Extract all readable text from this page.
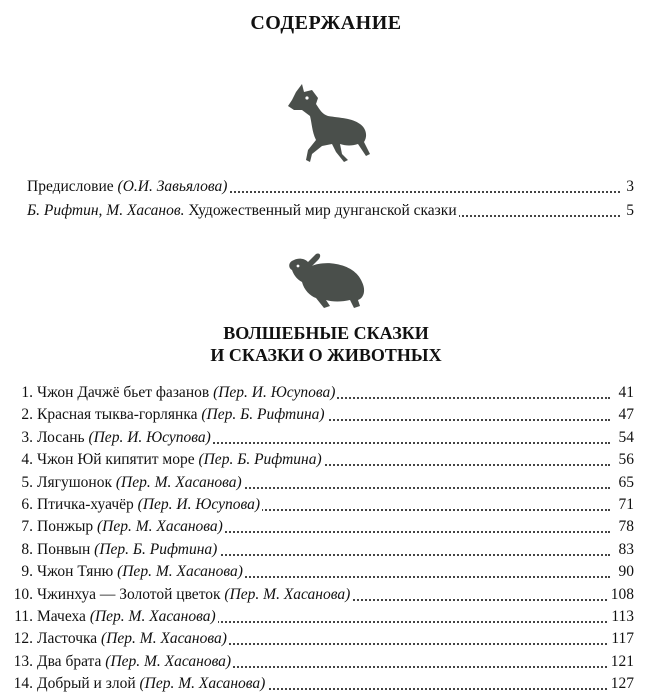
СОДЕРЖАНИЕ
Предисловие (О.И. Завьялова)	3
Б. Рифтин, М. Хасанов. Художественный мир дунганской сказки	5
ВОЛШЕБНЫЕ СКАЗКИ
И СКАЗКИ О ЖИВОТНЫХ
1. Чжон Дачжё бьет фазанов (Пер. И. Юсупова)	41
2. Красная тыква-горлянка (Пер. Б. Рифтина)	47
3. Лосань (Пер. И. Юсупова)	54
4. Чжон Юй кипятит море (Пер. Б. Рифтина)	56
5. Лягушонок (Пер. М. Хасанова)	65
6. Птичка-хуачёр (Пер. И. Юсупова)	71
7. Понжыр (Пер. М. Хасанова)	78
8. Понвын (Пер. Б. Рифтина)	83
9. Чжон Тяню (Пер. М. Хасанова)	90
10. Чжинхуа — Золотой цветок (Пер. М. Хасанова)	108
11. Мачеха (Пер. М. Хасанова)	113
12. Ласточка (Пер. М. Хасанова)	117
13. Два брата (Пер. М. Хасанова)	121
14. Добрый и злой (Пер. М. Хасанова)	127
